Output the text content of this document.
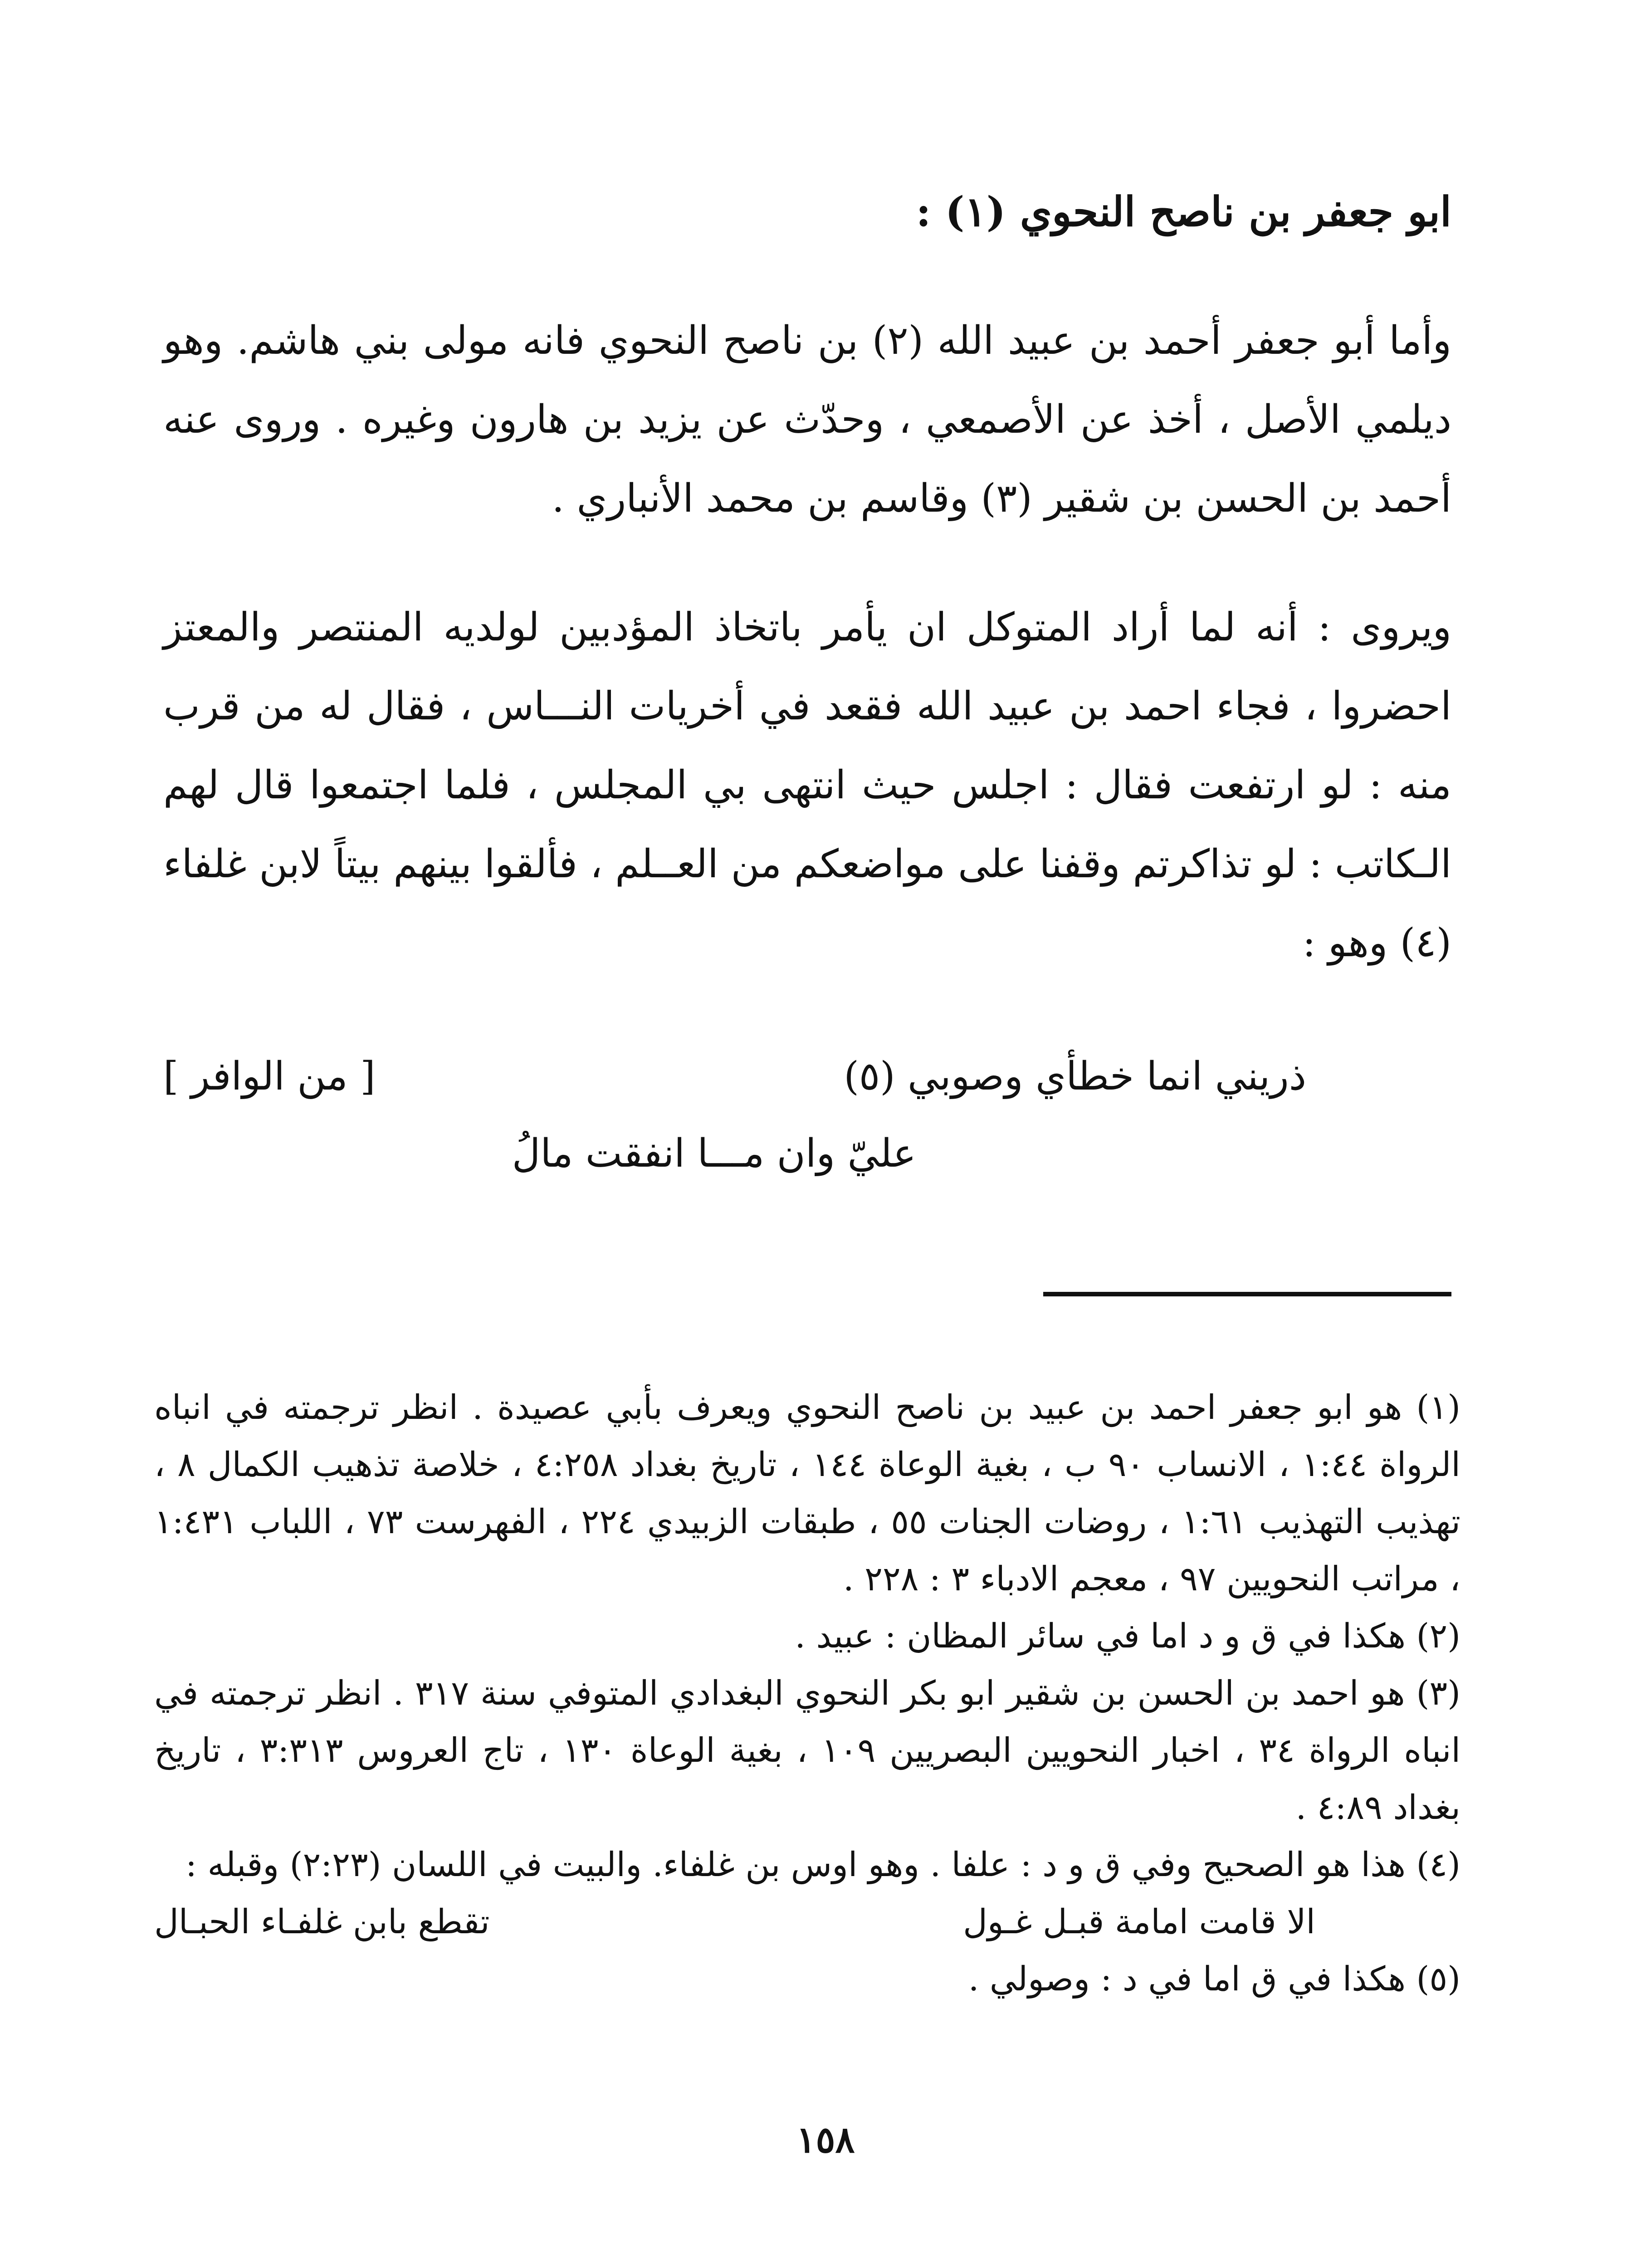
ابو جعفر بن ناصح النحوي (١) :

وأما أبو جعفر أحمد بن عبيد الله (٢) بن ناصح النحوي فانه مولى بني هاشم. وهو ديلمي الأصل ، أخذ عن الأصمعي ، وحدّث عن يزيد بن هارون وغيره . وروى عنه أحمد بن الحسن بن شقير (٣) وقاسم بن محمد الأنباري .

ويروى : أنه لما أراد المتوكل ان يأمر باتخاذ المؤدبين لولديه المنتصر والمعتز احضروا ، فجاء احمد بن عبيد الله فقعد في أخريات النـــاس ، فقال له من قرب منه : لو ارتفعت فقال : اجلس حيث انتهى بي المجلس ، فلما اجتمعوا قال لهم الـكاتب : لو تذاكرتم وقفنا على مواضعكم من العــلم ، فألقوا بينهم بيتاً لابن غلفاء (٤) وهو :

ذريني انما خطأي وصوبي (٥)
[ من الوافر ]
عليّ وان مـــا انفقت مالُ

(١) هو ابو جعفر احمد بن عبيد بن ناصح النحوي ويعرف بأبي عصيدة . انظر ترجمته في انباه الرواة ١:٤٤ ، الانساب ٩٠ ب ، بغية الوعاة ١٤٤ ، تاريخ بغداد ٤:٢٥٨ ، خلاصة تذهيب الكمال ٨ ، تهذيب التهذيب ١:٦١ ، روضات الجنات ٥٥ ، طبقات الزبيدي ٢٢٤ ، الفهرست ٧٣ ، اللباب ١:٤٣١ ، مراتب النحويين ٩٧ ، معجم الادباء ٣ : ٢٢٨ .

(٢) هكذا في ق و د اما في سائر المظان : عبيد .

(٣) هو احمد بن الحسن بن شقير ابو بكر النحوي البغدادي المتوفي سنة ٣١٧ . انظر ترجمته في انباه الرواة ٣٤ ، اخبار النحويين البصريين ١٠٩ ، بغية الوعاة ١٣٠ ، تاج العروس ٣:٣١٣ ، تاريخ بغداد ٤:٨٩ .

(٤) هذا هو الصحيح وفي ق و د : علفا . وهو اوس بن غلفاء. والبيت في اللسان (٢:٢٣) وقبله :

الا قامت امامة قبـل غـول
تقطع بابن غلفـاء الحبـال

(٥) هكذا في ق اما في د : وصولي .

١٥٨
